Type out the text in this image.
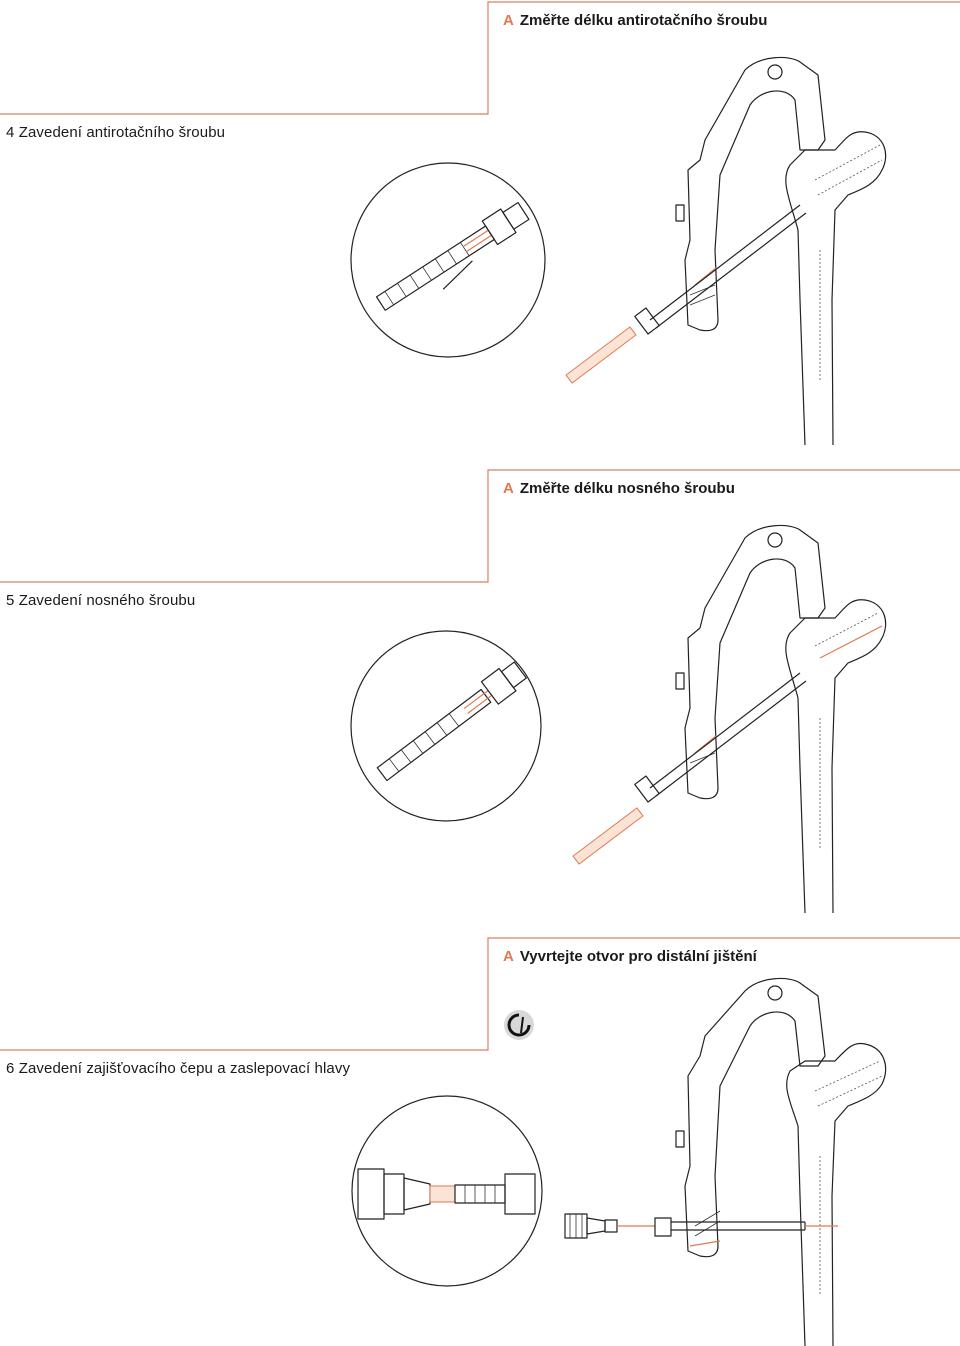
A Změřte délku antirotačního šroubu
4 Zavedení antirotačního šroubu
A Změřte délku nosného šroubu
5 Zavedení nosného šroubu
A Vyvrtejte otvor pro distální jištění
6 Zavedení zajišťovacího čepu a zaslepovací hlavy
